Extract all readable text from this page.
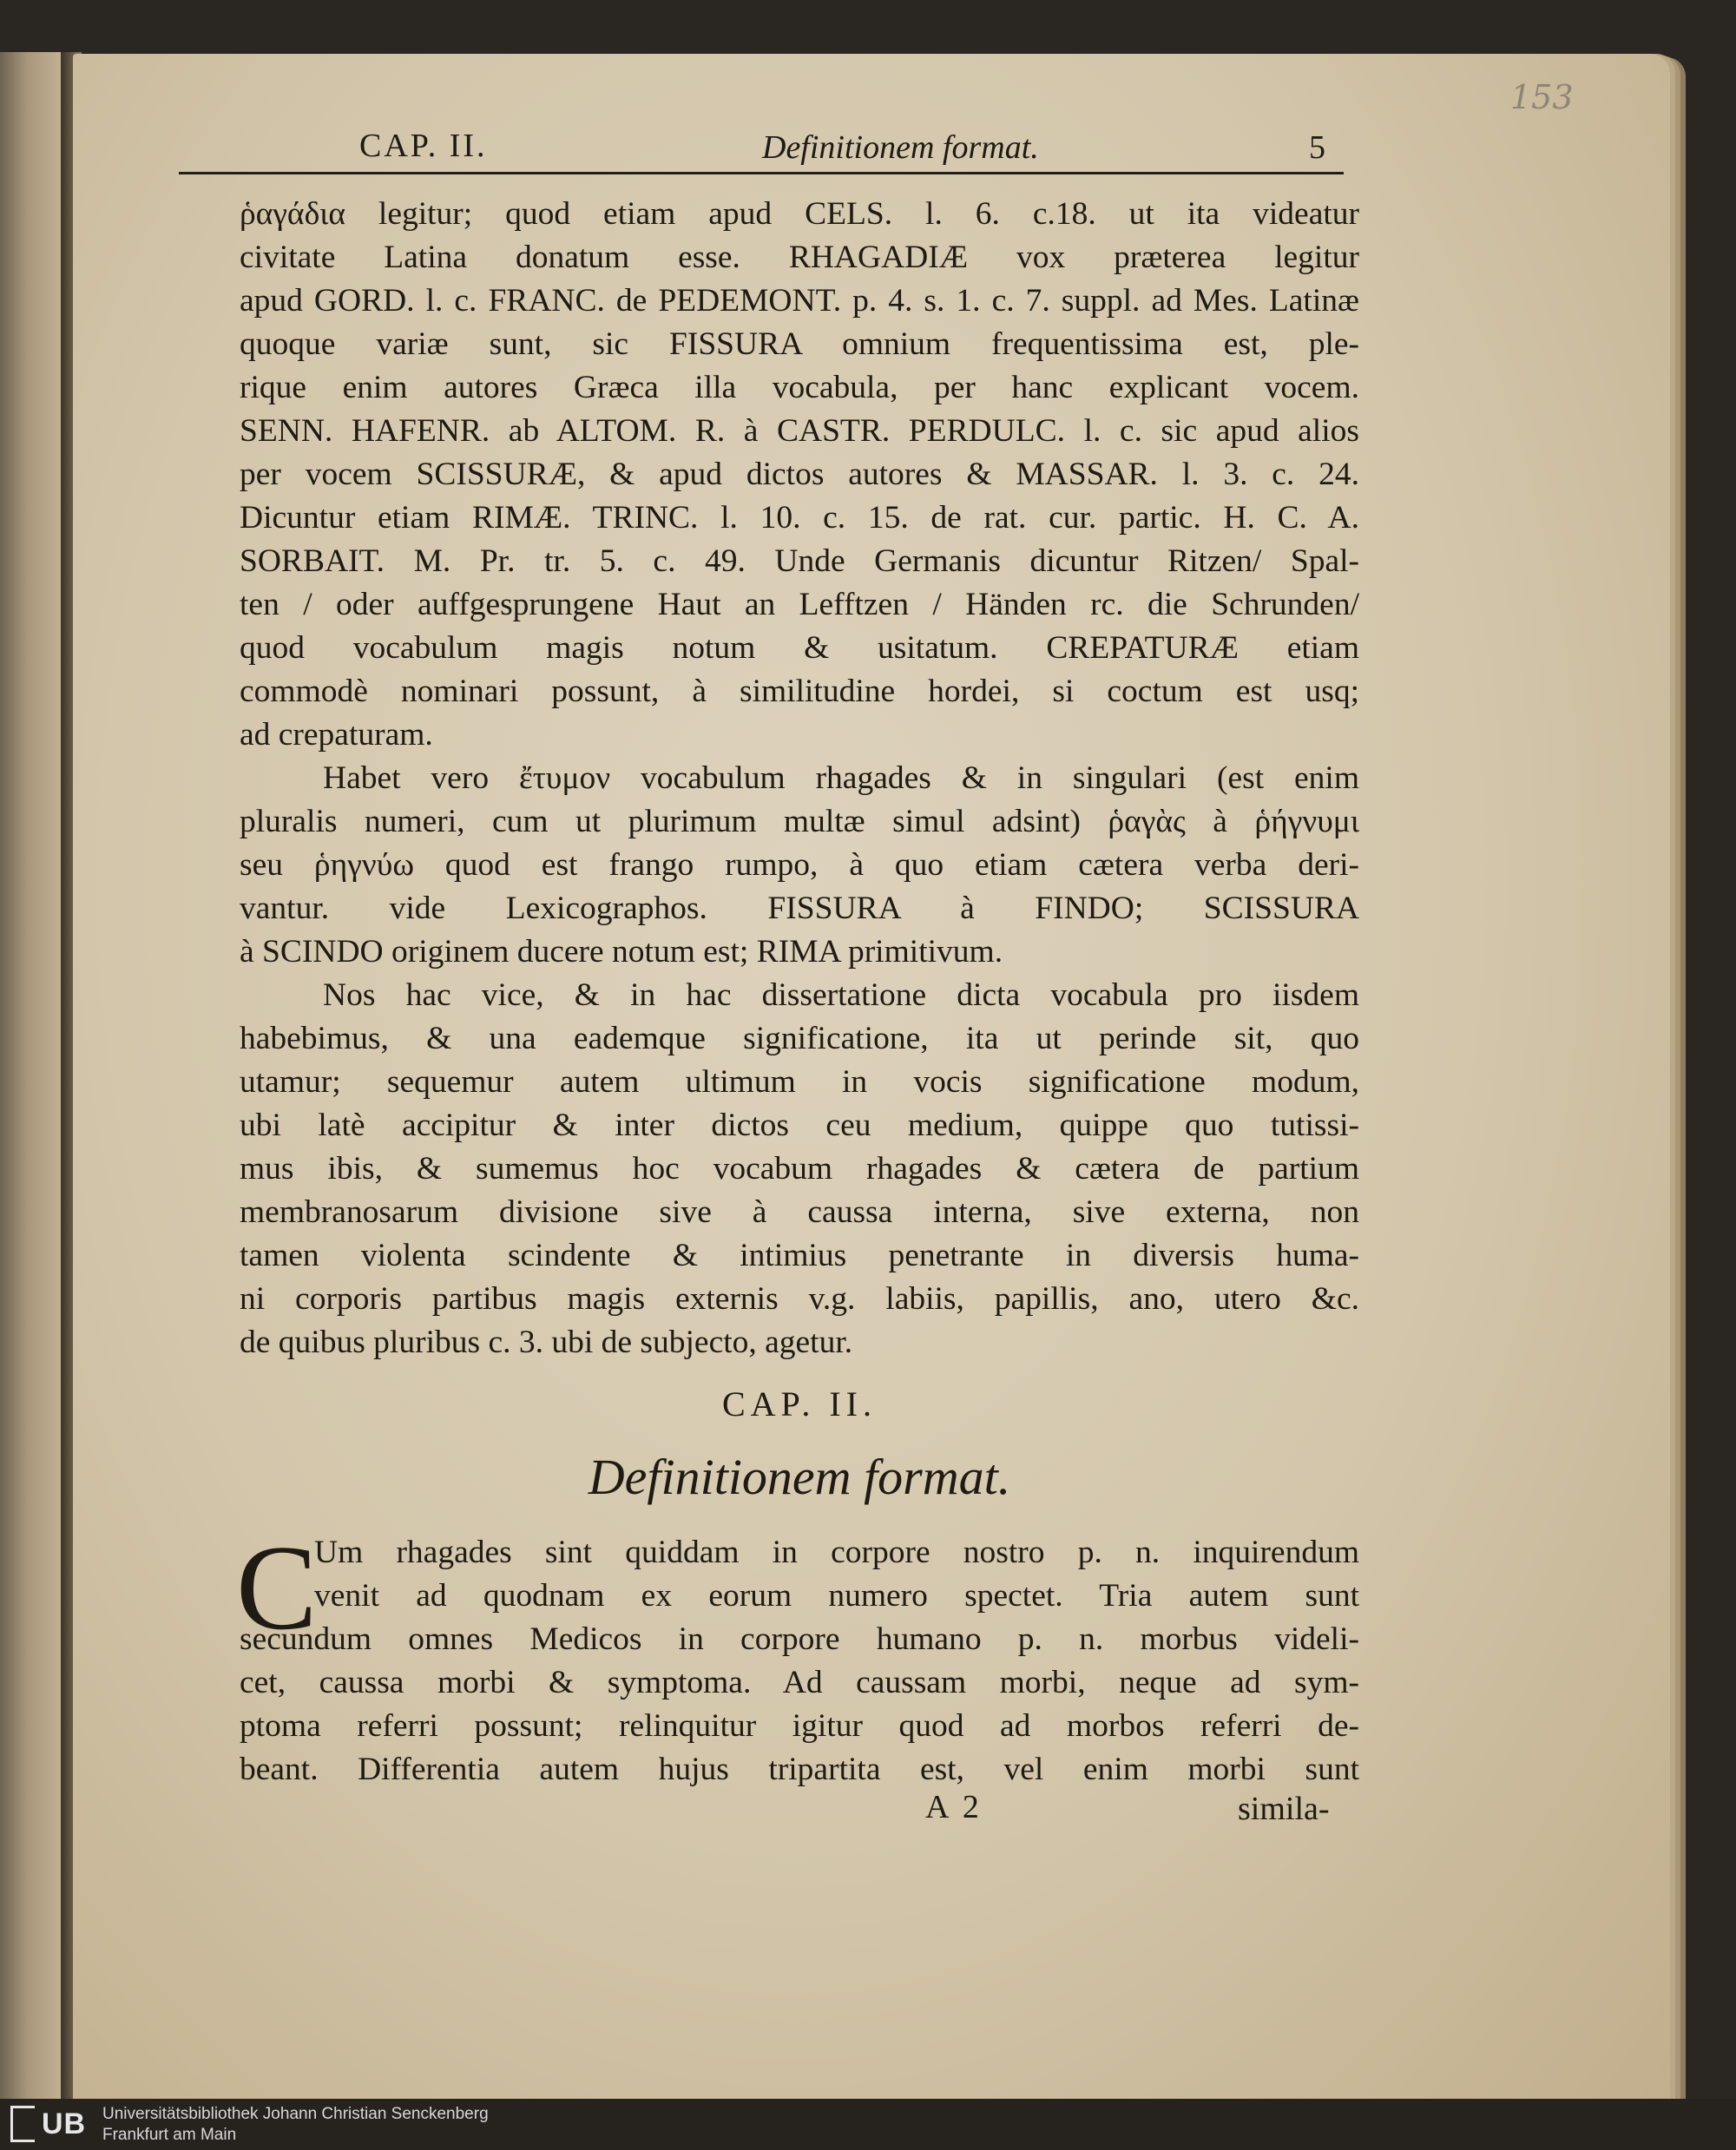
153
CAP. II.	Definitionem format.	5
ῥαγάδια legitur; quod etiam apud CELS. l. 6. c.18. ut ita videatur
civitate Latina donatum esse. RHAGADIÆ vox præterea legitur
apud GORD. l. c. FRANC. de PEDEMONT. p. 4. s. 1. c. 7. suppl. ad Mes. Latinæ
quoque variæ sunt, sic FISSURA omnium frequentissima est, ple-
rique enim autores Græca illa vocabula, per hanc explicant vocem.
SENN. HAFENR. ab ALTOM. R. à CASTR. PERDULC. l. c. sic apud alios
per vocem SCISSURÆ, & apud dictos autores & MASSAR. l. 3. c. 24.
Dicuntur etiam RIMÆ. TRINC. l. 10. c. 15. de rat. cur. partic. H. C. A.
SORBAIT. M. Pr. tr. 5. c. 49. Unde Germanis dicuntur Ritzen/ Spal-
ten / oder auffgesprungene Haut an Lefftzen / Händen rc. die Schrunden/
quod vocabulum magis notum & usitatum. CREPATURÆ etiam
commodè nominari possunt, à similitudine hordei, si coctum est usq;
ad crepaturam.
Habet vero ἔτυμον vocabulum rhagades & in singulari (est enim
pluralis numeri, cum ut plurimum multæ simul adsint) ῥαγὰς à ῥήγνυμι
seu ῥηγνύω quod est frango rumpo, à quo etiam cætera verba deri-
vantur. vide Lexicographos. FISSURA à FINDO; SCISSURA
à SCINDO originem ducere notum est; RIMA primitivum.
Nos hac vice, & in hac dissertatione dicta vocabula pro iisdem
habebimus, & una eademque significatione, ita ut perinde sit, quo
utamur; sequemur autem ultimum in vocis significatione modum,
ubi latè accipitur & inter dictos ceu medium, quippe quo tutissi-
mus ibis, & sumemus hoc vocabum rhagades & cætera de partium
membranosarum divisione sive à caussa interna, sive externa, non
tamen violenta scindente & intimius penetrante in diversis huma-
ni corporis partibus magis externis v.g. labiis, papillis, ano, utero &c.
de quibus pluribus c. 3. ubi de subjecto, agetur.
CAP. II.
Definitionem format.
C
Um rhagades sint quiddam in corpore nostro p. n. inquirendum
venit ad quodnam ex eorum numero spectet. Tria autem sunt
secundum omnes Medicos in corpore humano p. n. morbus videli-
cet, caussa morbi & symptoma. Ad caussam morbi, neque ad sym-
ptoma referri possunt; relinquitur igitur quod ad morbos referri de-
beant. Differentia autem hujus tripartita est, vel enim morbi sunt
A 2	simila-
UB Universitätsbibliothek Johann Christian Senckenberg
Frankfurt am Main
